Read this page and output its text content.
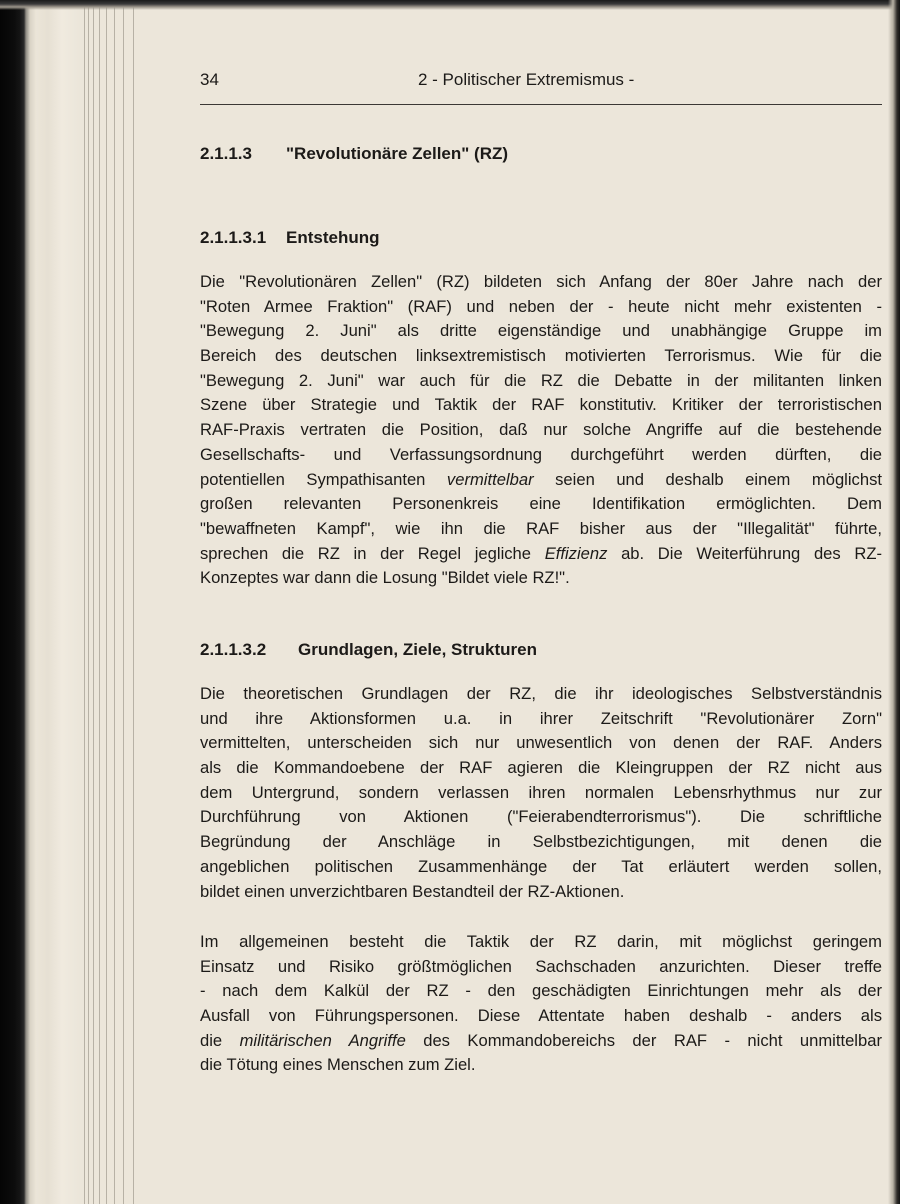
34	2 - Politischer Extremismus -
2.1.1.3 "Revolutionäre Zellen" (RZ)
2.1.1.3.1 Entstehung
Die "Revolutionären Zellen" (RZ) bildeten sich Anfang der 80er Jahre nach der
"Roten Armee Fraktion" (RAF) und neben der - heute nicht mehr existenten -
"Bewegung 2. Juni" als dritte eigenständige und unabhängige Gruppe im
Bereich des deutschen linksextremistisch motivierten Terrorismus. Wie für die
"Bewegung 2. Juni" war auch für die RZ die Debatte in der militanten linken
Szene über Strategie und Taktik der RAF konstitutiv. Kritiker der terroristischen
RAF-Praxis vertraten die Position, daß nur solche Angriffe auf die bestehende
Gesellschafts- und Verfassungsordnung durchgeführt werden dürften, die
potentiellen Sympathisanten vermittelbar seien und deshalb einem möglichst
großen relevanten Personenkreis eine Identifikation ermöglichten. Dem
"bewaffneten Kampf", wie ihn die RAF bisher aus der "Illegalität" führte,
sprechen die RZ in der Regel jegliche Effizienz ab. Die Weiterführung des RZ-
Konzeptes war dann die Losung "Bildet viele RZ!".
2.1.1.3.2 Grundlagen, Ziele, Strukturen
Die theoretischen Grundlagen der RZ, die ihr ideologisches Selbstverständnis
und ihre Aktionsformen u.a. in ihrer Zeitschrift "Revolutionärer Zorn"
vermittelten, unterscheiden sich nur unwesentlich von denen der RAF. Anders
als die Kommandoebene der RAF agieren die Kleingruppen der RZ nicht aus
dem Untergrund, sondern verlassen ihren normalen Lebensrhythmus nur zur
Durchführung von Aktionen ("Feierabendterrorismus"). Die schriftliche
Begründung der Anschläge in Selbstbezichtigungen, mit denen die
angeblichen politischen Zusammenhänge der Tat erläutert werden sollen,
bildet einen unverzichtbaren Bestandteil der RZ-Aktionen.
Im allgemeinen besteht die Taktik der RZ darin, mit möglichst geringem
Einsatz und Risiko größtmöglichen Sachschaden anzurichten. Dieser treffe
- nach dem Kalkül der RZ - den geschädigten Einrichtungen mehr als der
Ausfall von Führungspersonen. Diese Attentate haben deshalb - anders als
die militärischen Angriffe des Kommandobereichs der RAF - nicht unmittelbar
die Tötung eines Menschen zum Ziel.
